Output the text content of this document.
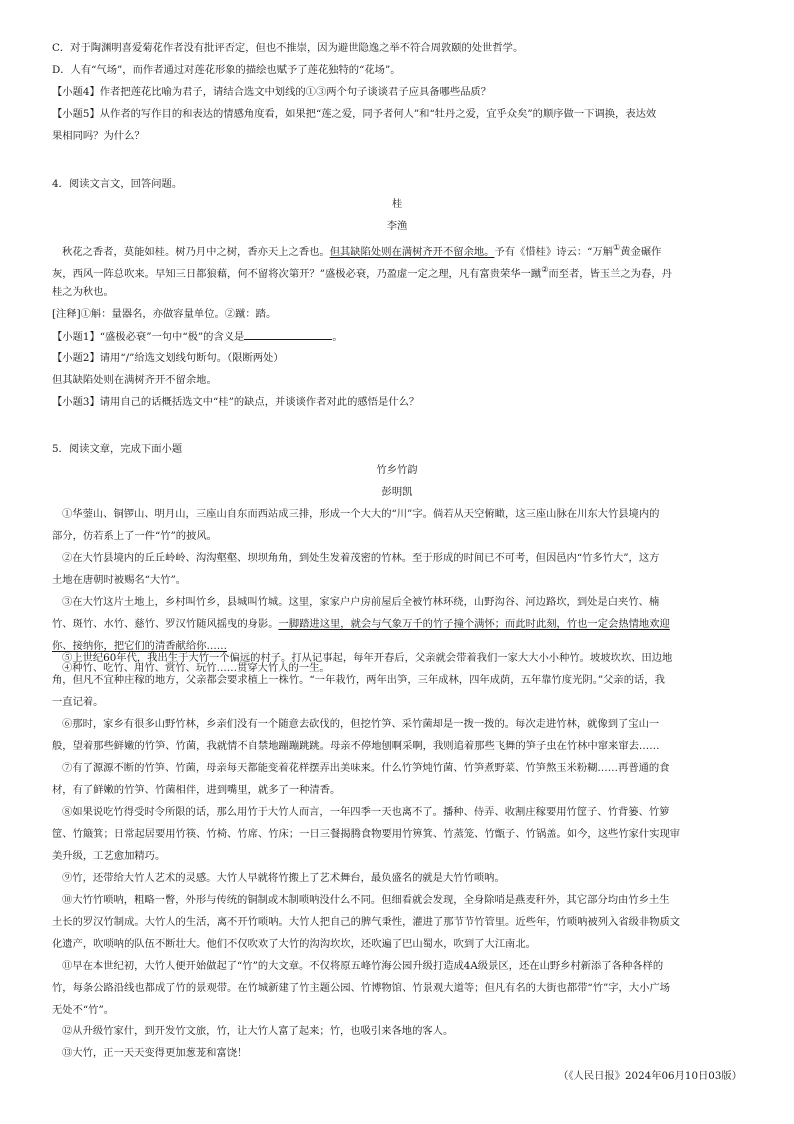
C．对于陶渊明喜爱菊花作者没有批评否定，但也不推崇，因为避世隐逸之举不符合周敦颐的处世哲学。
D．人有“气场”，而作者通过对莲花形象的描绘也赋予了莲花独特的“花场”。
【小题4】作者把莲花比喻为君子，请结合选文中划线的①③两个句子谈谈君子应具备哪些品质？
【小题5】从作者的写作目的和表达的情感角度看，如果把“莲之爱，同予者何人”和“牡丹之爱，宜乎众矣”的顺序做一下调换，表达效
果相同吗？为什么？
4．阅读文言文，回答问题。
桂
李渔
秋花之香者，莫能如桂。树乃月中之树，香亦天上之香也。但其缺陷处则在满树齐开不留余地。予有《惜桂》诗云：“万斛①黄金碾作
灰，西风一阵总吹来。早知三日都狼藉，何不留将次第开？”盛极必衰，乃盈虚一定之理，凡有富贵荣华一蹴②而至者，皆玉兰之为春，丹
桂之为秋也。
[注释]①斛：量器名，亦做容量单位。②蹴：踏。
【小题1】“盛极必衰”一句中“极”的含义是	。
【小题2】请用“/”给选文划线句断句。（限断两处）
但其缺陷处则在满树齐开不留余地。
【小题3】请用自己的话概括选文中“桂”的缺点，并谈谈作者对此的感悟是什么？
5．阅读文章，完成下面小题
竹乡竹韵
彭明凯
①华蓥山、铜锣山、明月山，三座山自东而西站成三排，形成一个大大的“川”字。倘若从天空俯瞰，这三座山脉在川东大竹县境内的
部分，仿若系上了一件“竹”的披风。
②在大竹县境内的丘丘岭岭、沟沟壑壑、坝坝角角，到处生发着茂密的竹林。至于形成的时间已不可考，但因邑内“竹多竹大”，这方
土地在唐朝时被赐名“大竹”。
③在大竹这片土地上，乡村叫竹乡，县城叫竹城。这里，家家户户房前屋后全被竹林环绕，山野沟谷、河边路坎，到处是白夹竹、楠
竹、斑竹、水竹、慈竹、罗汉竹随风摇曳的身影。一脚踏进这里，就会与气象万千的竹子撞个满怀；而此时此刻，竹也一定会热情地欢迎
你、接纳你，把它们的清香献给你……
④种竹、吃竹、用竹、赏竹、玩竹……贯穿大竹人的一生。
⑤上世纪60年代，我出生于大竹一个偏远的村子。打从记事起，每年开春后，父亲就会带着我们一家大大小小种竹。坡坡坎坎、田边地
角，但凡不宜种庄稼的地方，父亲都会要求植上一株竹。“一年栽竹，两年出笋，三年成林，四年成荫，五年靠竹度光阴。”父亲的话，我
一直记着。
⑥那时，家乡有很多山野竹林，乡亲们没有一个随意去砍伐的，但挖竹笋、采竹菌却是一拨一拨的。每次走进竹林，就像到了宝山一
般，望着那些鲜嫩的竹笋、竹菌，我就情不自禁地蹦蹦跳跳。母亲不停地刨啊采啊，我则追着那些飞舞的笋子虫在竹林中窜来窜去……
⑦有了源源不断的竹笋、竹菌，母亲每天都能变着花样摆弄出美味来。什么竹笋炖竹菌、竹笋煮野菜、竹笋熬玉米粉糊……再普通的食
材，有了鲜嫩的竹笋、竹菌相伴，进到嘴里，就多了一种清香。
⑧如果说吃竹得受时令所限的话，那么用竹于大竹人而言，一年四季一天也离不了。播种、侍弄、收割庄稼要用竹筐子、竹背篓、竹箩
筐、竹簸箕；日常起居要用竹筷、竹椅、竹席、竹床；一日三餐揭腾食物要用竹箅箕、竹蒸笼、竹甑子、竹锅盖。如今，这些竹家什实现审
美升级，工艺愈加精巧。
⑨竹，还带给大竹人艺术的灵感。大竹人早就将竹搬上了艺术舞台，最负盛名的就是大竹竹唢呐。
⑩大竹竹唢呐，粗略一瞥，外形与传统的铜制或木制唢呐没什么不同。但细看就会发现，全身除哨是燕麦秆外，其它部分均由竹乡土生
土长的罗汉竹制成。大竹人的生活，离不开竹唢呐。大竹人把自己的脾气秉性，灌进了那节节竹管里。近些年，竹唢呐被列入省级非物质文
化遗产，吹唢呐的队伍不断壮大。他们不仅吹欢了大竹的沟沟坎坎，还吹遍了巴山蜀水，吹到了大江南北。
⑪早在本世纪初，大竹人便开始做起了“竹”的大文章。不仅将原五峰竹海公园升级打造成4A级景区，还在山野乡村新添了各种各样的
竹，每条公路沿线也都成了竹的景观带。在竹城新建了竹主题公园、竹博物馆、竹景观大道等；但凡有名的大街也都带“竹”字，大小广场
无处不“竹”。
（《人民日报》2024年06月10日03版）
⑫从升级竹家什，到开发竹文旅，竹，让大竹人富了起来；竹，也吸引来各地的客人。
⑬大竹，正一天天变得更加葱茏和富饶！
